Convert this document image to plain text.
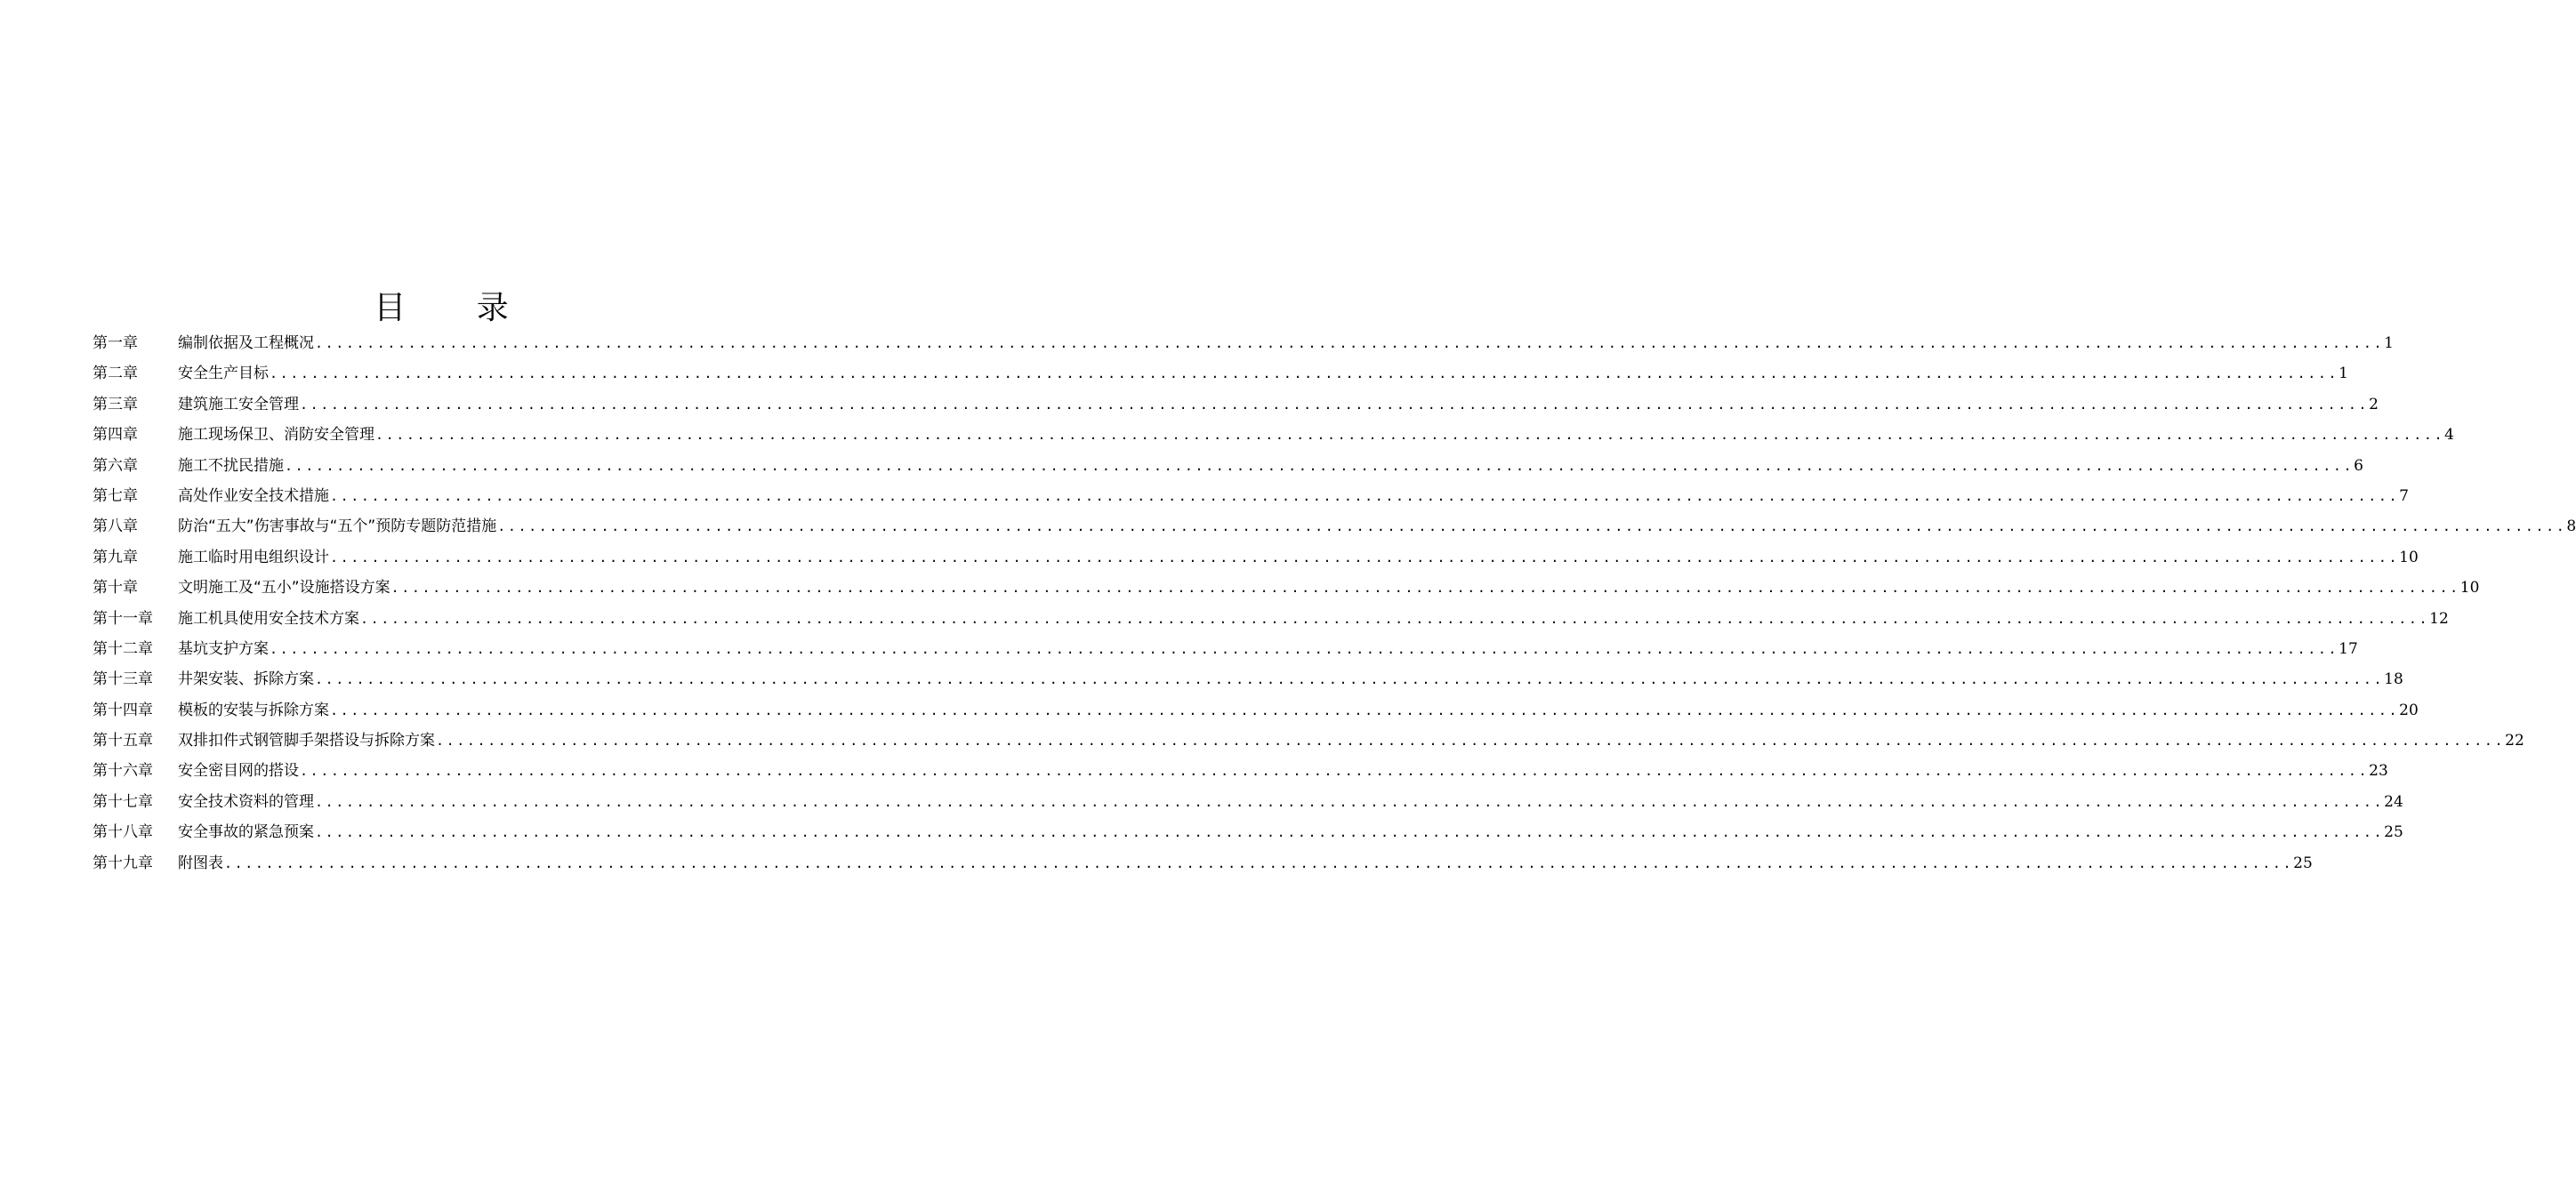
目 录
第一章	编制依据及工程概况 ........................................................................................................................................................................................................ 1
第二章	安全生产目标 ........................................................................................................................................................................................................ 1
第三章	建筑施工安全管理 ........................................................................................................................................................................................................ 2
第四章	施工现场保卫、消防安全管理 ........................................................................................................................................................................................................ 4
第六章	施工不扰民措施 ........................................................................................................................................................................................................ 6
第七章	高处作业安全技术措施 ........................................................................................................................................................................................................ 7
第八章	防治“五大”伤害事故与“五个”预防专题防范措施 ........................................................................................................................................................................................................ 8
第九章	施工临时用电组织设计 ........................................................................................................................................................................................................ 10
第十章	文明施工及“五小”设施搭设方案 ........................................................................................................................................................................................................ 10
第十一章	施工机具使用安全技术方案 ........................................................................................................................................................................................................ 12
第十二章	基坑支护方案 ........................................................................................................................................................................................................ 17
第十三章	井架安装、拆除方案 ........................................................................................................................................................................................................ 18
第十四章	模板的安装与拆除方案 ........................................................................................................................................................................................................ 20
第十五章	双排扣件式钢管脚手架搭设与拆除方案 ........................................................................................................................................................................................................ 22
第十六章	安全密目网的搭设 ........................................................................................................................................................................................................ 23
第十七章	安全技术资料的管理 ........................................................................................................................................................................................................ 24
第十八章	安全事故的紧急预案 ........................................................................................................................................................................................................ 25
第十九章	附图表 ........................................................................................................................................................................................................ 25
